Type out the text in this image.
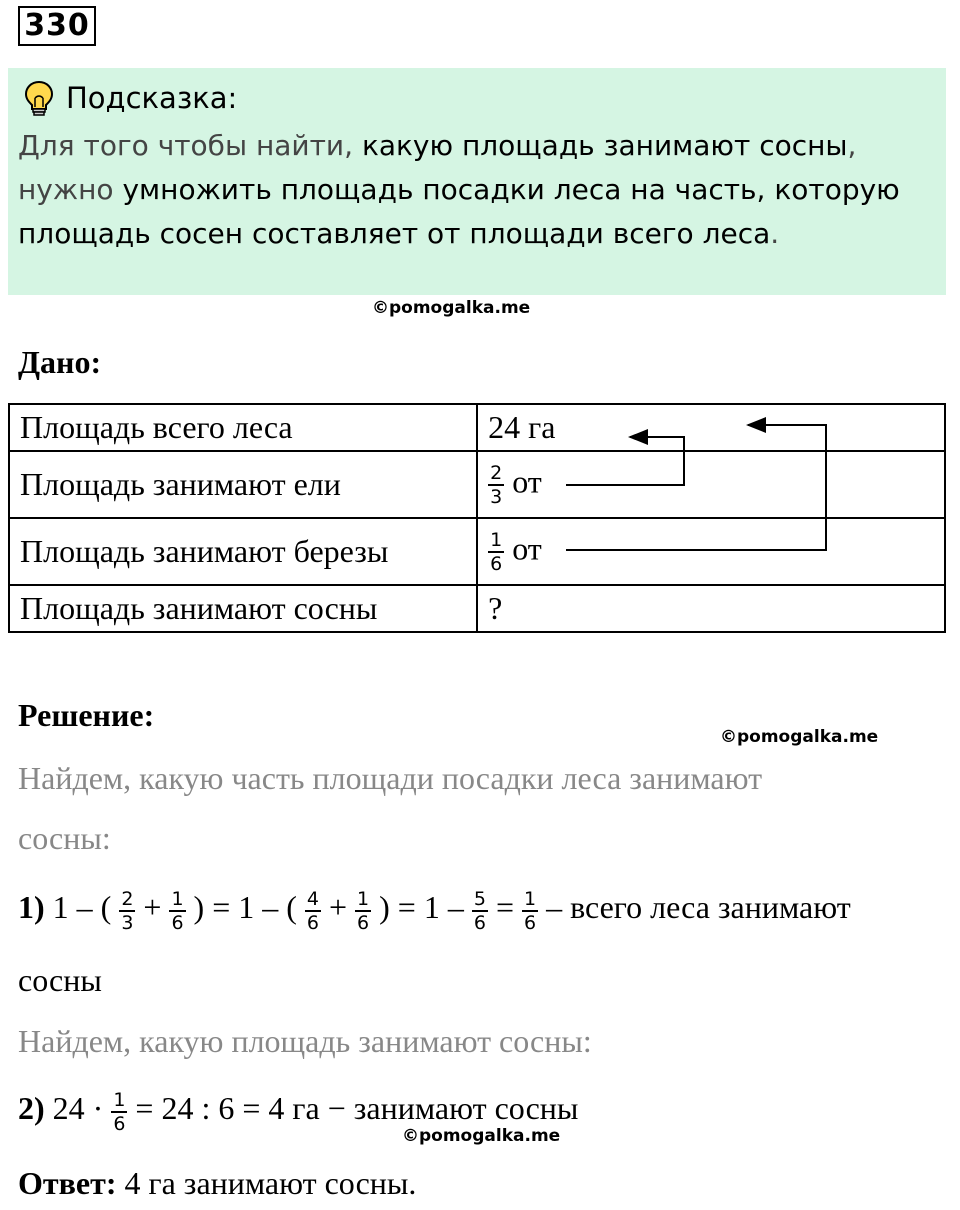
330
Подсказка:
Для того чтобы найти, какую площадь занимают сосны,
нужно умножить площадь посадки леса на часть, которую площадь сосен составляет от площади всего леса.
©pomogalka.me
Дано:
Площадь всего леса	24 га
Площадь занимают ели	$\frac{2}{3}$ от
Площадь занимают березы	$\frac{1}{6}$ от
Площадь занимают сосны	?
Решение:
©pomogalka.me
Найдем, какую часть площади посадки леса занимают
сосны:
1) 1 – ( $\frac{2}{3} + \frac{1}{6}$ ) = 1 – ( $\frac{4}{6} + \frac{1}{6}$ ) = $1 - \frac{5}{6} = \frac{1}{6}$ – всего леса занимают
сосны
Найдем, какую площадь занимают сосны:
2) $24 \cdot \frac{1}{6} = 24$ : 6 = 4 га − занимают сосны
©pomogalka.me
Ответ: 4 га занимают сосны.
